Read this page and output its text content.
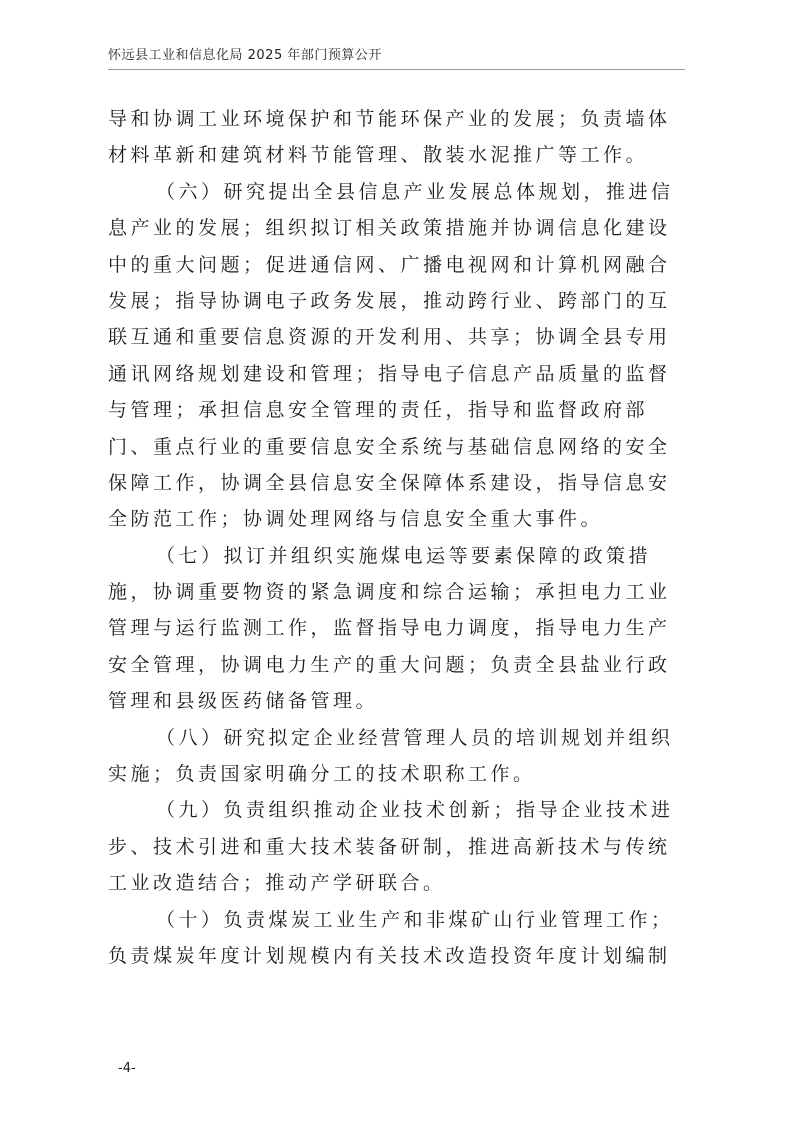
怀远县工业和信息化局 2025 年部门预算公开
导和协调工业环境保护和节能环保产业的发展；负责墙体
材料革新和建筑材料节能管理、散装水泥推广等工作。
（六）研究提出全县信息产业发展总体规划，推进信
息产业的发展；组织拟订相关政策措施并协调信息化建设
中的重大问题；促进通信网、广播电视网和计算机网融合
发展；指导协调电子政务发展，推动跨行业、跨部门的互
联互通和重要信息资源的开发利用、共享；协调全县专用
通讯网络规划建设和管理；指导电子信息产品质量的监督
与管理；承担信息安全管理的责任，指导和监督政府部
门、重点行业的重要信息安全系统与基础信息网络的安全
保障工作，协调全县信息安全保障体系建设，指导信息安
全防范工作；协调处理网络与信息安全重大事件。
（七）拟订并组织实施煤电运等要素保障的政策措
施，协调重要物资的紧急调度和综合运输；承担电力工业
管理与运行监测工作，监督指导电力调度，指导电力生产
安全管理，协调电力生产的重大问题；负责全县盐业行政
管理和县级医药储备管理。
（八）研究拟定企业经营管理人员的培训规划并组织
实施；负责国家明确分工的技术职称工作。
（九）负责组织推动企业技术创新；指导企业技术进
步、技术引进和重大技术装备研制，推进高新技术与传统
工业改造结合；推动产学研联合。
（十）负责煤炭工业生产和非煤矿山行业管理工作；
负责煤炭年度计划规模内有关技术改造投资年度计划编制
-4-
